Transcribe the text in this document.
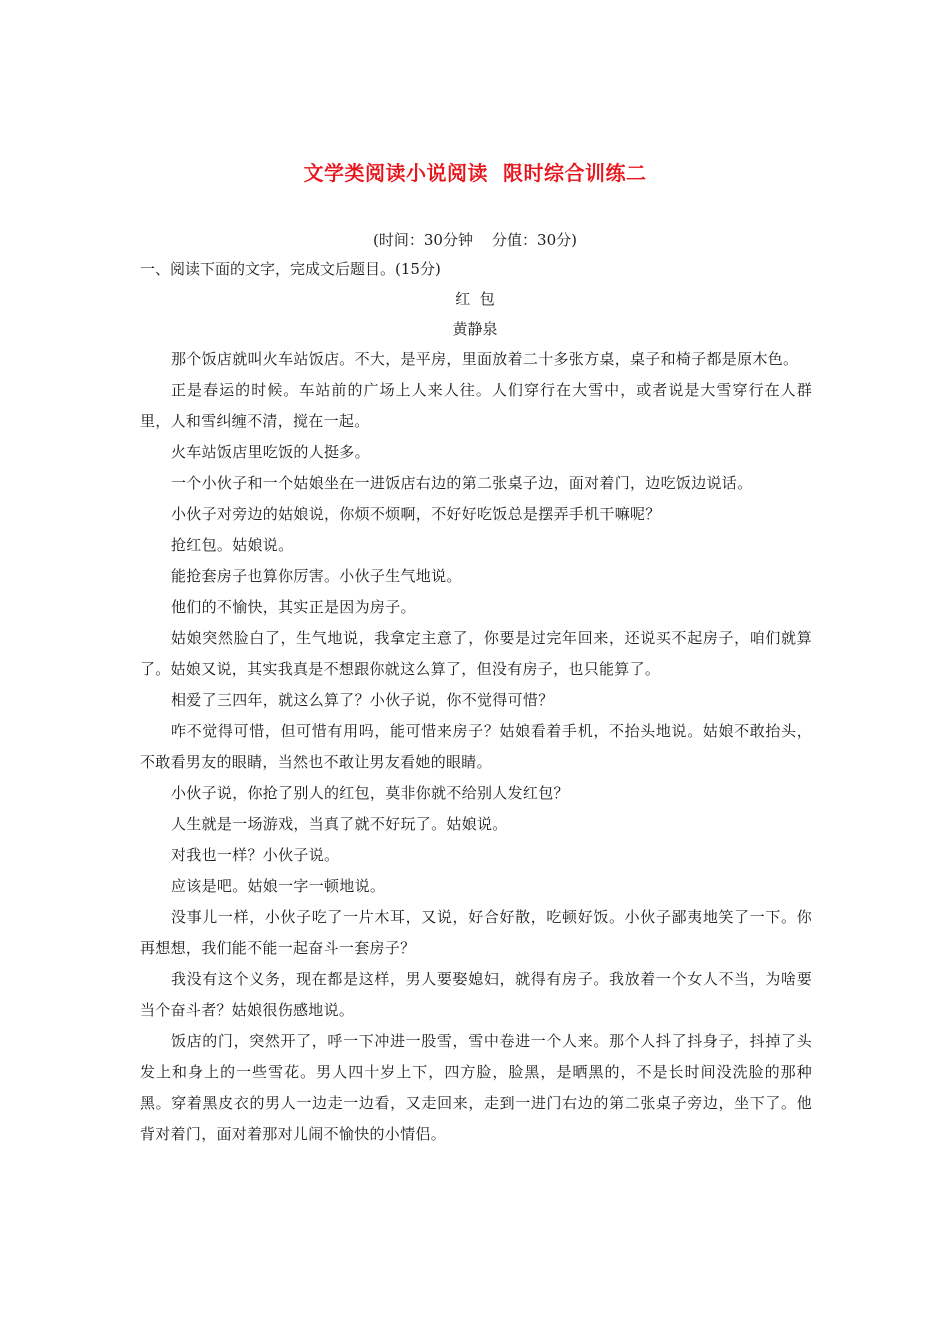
文学类阅读小说阅读  限时综合训练二
(时间：30分钟    分值：30分)
一、阅读下面的文字，完成文后题目。(15分)
红  包
黄静泉

那个饭店就叫火车站饭店。不大，是平房，里面放着二十多张方桌，桌子和椅子都是原木色。

正是春运的时候。车站前的广场上人来人往。人们穿行在大雪中，或者说是大雪穿行在人群里，人和雪纠缠不清，搅在一起。

火车站饭店里吃饭的人挺多。

一个小伙子和一个姑娘坐在一进饭店右边的第二张桌子边，面对着门，边吃饭边说话。

小伙子对旁边的姑娘说，你烦不烦啊，不好好吃饭总是摆弄手机干嘛呢？

抢红包。姑娘说。

能抢套房子也算你厉害。小伙子生气地说。

他们的不愉快，其实正是因为房子。

姑娘突然脸白了，生气地说，我拿定主意了，你要是过完年回来，还说买不起房子，咱们就算了。姑娘又说，其实我真是不想跟你就这么算了，但没有房子，也只能算了。

相爱了三四年，就这么算了？小伙子说，你不觉得可惜？

咋不觉得可惜，但可惜有用吗，能可惜来房子？姑娘看着手机，不抬头地说。姑娘不敢抬头，不敢看男友的眼睛，当然也不敢让男友看她的眼睛。

小伙子说，你抢了别人的红包，莫非你就不给别人发红包？

人生就是一场游戏，当真了就不好玩了。姑娘说。

对我也一样？小伙子说。

应该是吧。姑娘一字一顿地说。

没事儿一样，小伙子吃了一片木耳，又说，好合好散，吃顿好饭。小伙子鄙夷地笑了一下。你再想想，我们能不能一起奋斗一套房子？

我没有这个义务，现在都是这样，男人要娶媳妇，就得有房子。我放着一个女人不当，为啥要当个奋斗者？姑娘很伤感地说。

饭店的门，突然开了，呼一下冲进一股雪，雪中卷进一个人来。那个人抖了抖身子，抖掉了头发上和身上的一些雪花。男人四十岁上下，四方脸，脸黑，是晒黑的，不是长时间没洗脸的那种黑。穿着黑皮衣的男人一边走一边看，又走回来，走到一进门右边的第二张桌子旁边，坐下了。他背对着门，面对着那对儿闹不愉快的小情侣。
